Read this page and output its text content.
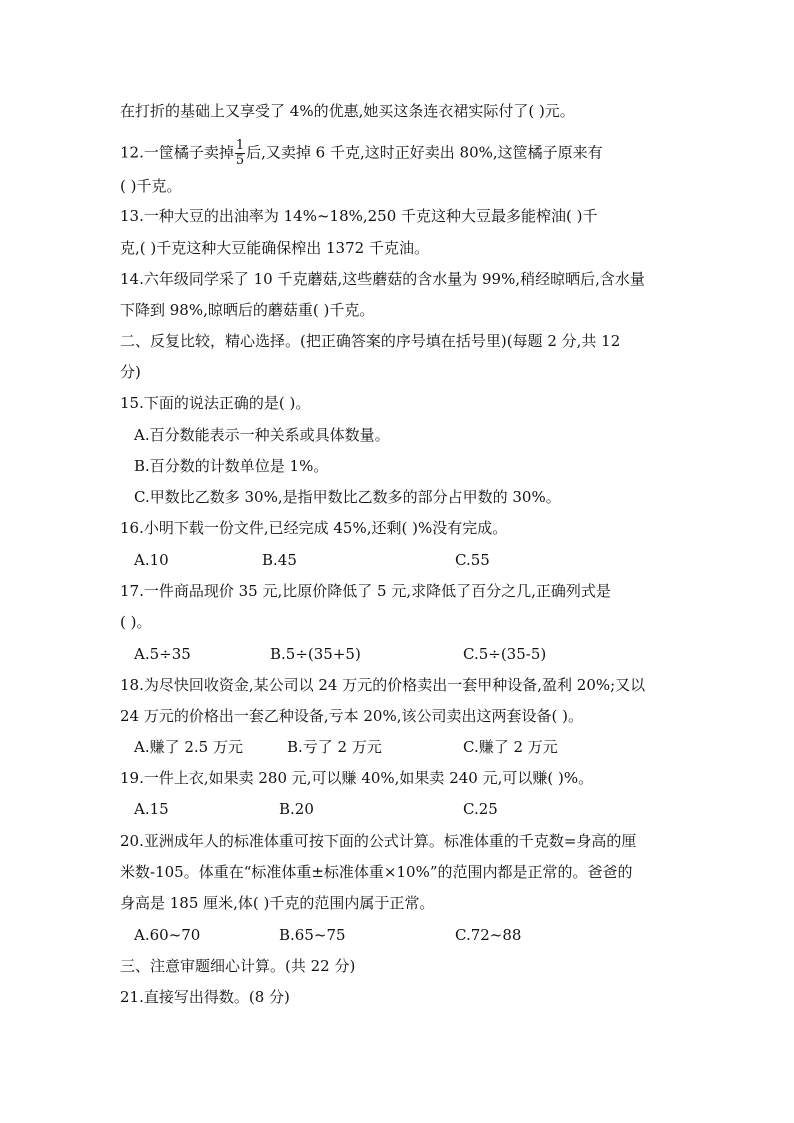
在打折的基础上又享受了 4%的优惠,她买这条连衣裙实际付了( )元。
12.一筐橘子卖掉 $\frac{1}{5}$ 后,又卖掉 6 千克,这时正好卖出 80%,这筐橘子原来有
( )千克。
13.一种大豆的出油率为 14%~18%,250 千克这种大豆最多能榨油( )千
克,( )千克这种大豆能确保榨出 1372 千克油。
14.六年级同学采了 10 千克蘑菇,这些蘑菇的含水量为 99%,稍经晾晒后,含水量
下降到 98%,晾晒后的蘑菇重( )千克。
二、反复比较，精心选择。(把正确答案的序号填在括号里)(每题 2 分,共 12
分)
15.下面的说法正确的是( )。
A.百分数能表示一种关系或具体数量。
B.百分数的计数单位是 1%。
C.甲数比乙数多 30%,是指甲数比乙数多的部分占甲数的 30%。
16.小明下载一份文件,已经完成 45%,还剩( )%没有完成。
A.10	B.45	C.55
17.一件商品现价 35 元,比原价降低了 5 元,求降低了百分之几,正确列式是
( )。
A.5÷35	B.5÷(35+5)	C.5÷(35-5)
18.为尽快回收资金,某公司以 24 万元的价格卖出一套甲种设备,盈利 20%;又以
24 万元的价格出一套乙种设备,亏本 20%,该公司卖出这两套设备( )。
A.赚了 2.5 万元	B.亏了 2 万元	C.赚了 2 万元
19.一件上衣,如果卖 280 元,可以赚 40%,如果卖 240 元,可以赚( )%。
A.15	B.20	C.25
20.亚洲成年人的标准体重可按下面的公式计算。标准体重的千克数=身高的厘
米数-105。体重在“标准体重±标准体重×10%”的范围内都是正常的。爸爸的
身高是 185 厘米,体( )千克的范围内属于正常。
A.60~70	B.65~75	C.72~88
三、注意审题细心计算。(共 22 分)
21.直接写出得数。(8 分)
